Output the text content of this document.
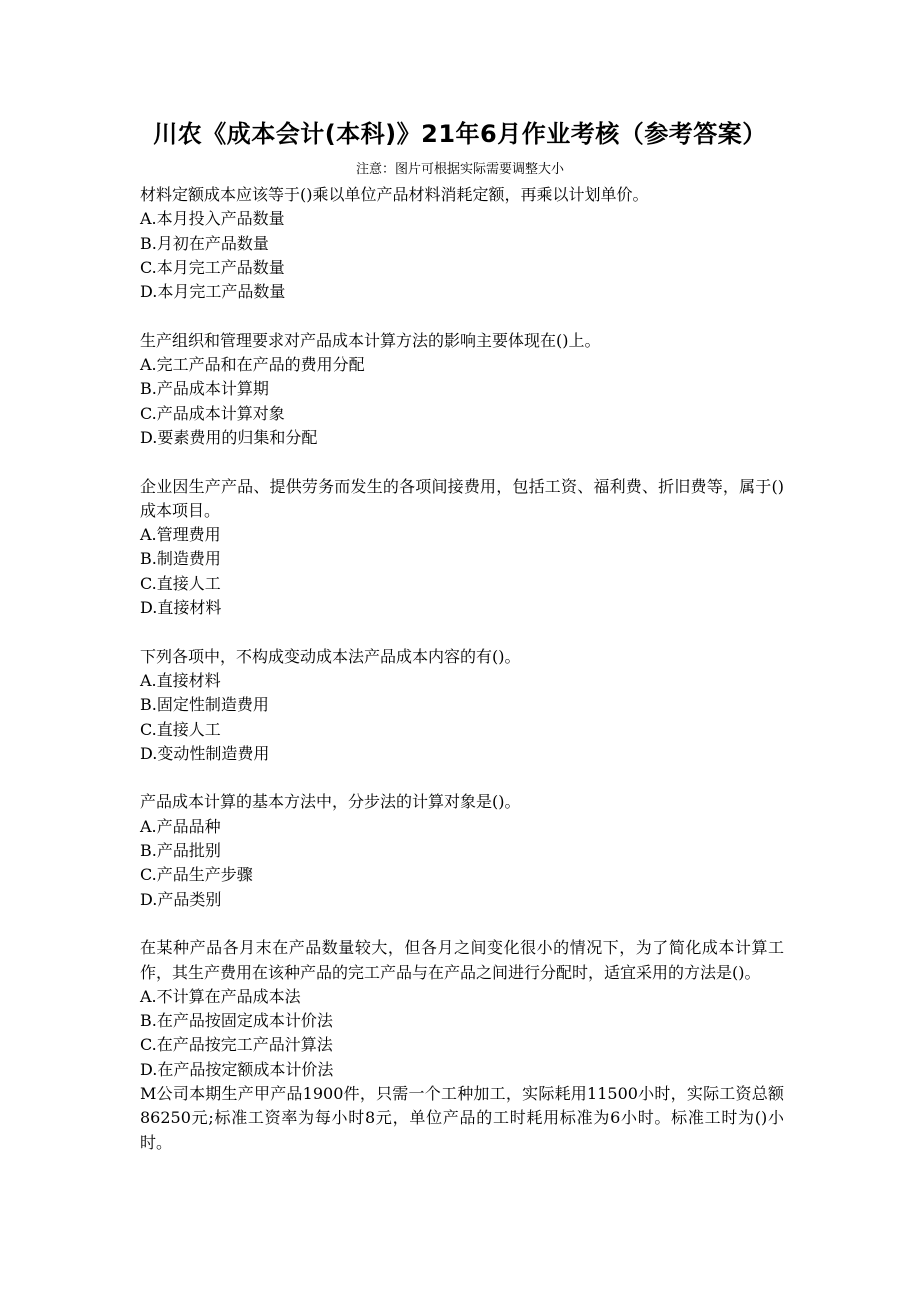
川农《成本会计(本科)》21年6月作业考核（参考答案）
注意：图片可根据实际需要调整大小
材料定额成本应该等于()乘以单位产品材料消耗定额，再乘以计划单价。
A.本月投入产品数量
B.月初在产品数量
C.本月完工产品数量
D.本月完工产品数量
生产组织和管理要求对产品成本计算方法的影响主要体现在()上。
A.完工产品和在产品的费用分配
B.产品成本计算期
C.产品成本计算对象
D.要素费用的归集和分配
企业因生产产品、提供劳务而发生的各项间接费用，包括工资、福利费、折旧费等，属于()成本项目。
A.管理费用
B.制造费用
C.直接人工
D.直接材料
下列各项中，不构成变动成本法产品成本内容的有()。
A.直接材料
B.固定性制造费用
C.直接人工
D.变动性制造费用
产品成本计算的基本方法中，分步法的计算对象是()。
A.产品品种
B.产品批别
C.产品生产步骤
D.产品类别
在某种产品各月末在产品数量较大，但各月之间变化很小的情况下，为了简化成本计算工作，其生产费用在该种产品的完工产品与在产品之间进行分配时，适宜采用的方法是()。
A.不计算在产品成本法
B.在产品按固定成本计价法
C.在产品按完工产品汁算法
D.在产品按定额成本计价法
M公司本期生产甲产品1900件，只需一个工种加工，实际耗用11500小时，实际工资总额86250元;标准工资率为每小时8元，单位产品的工时耗用标准为6小时。标准工时为()小时。
